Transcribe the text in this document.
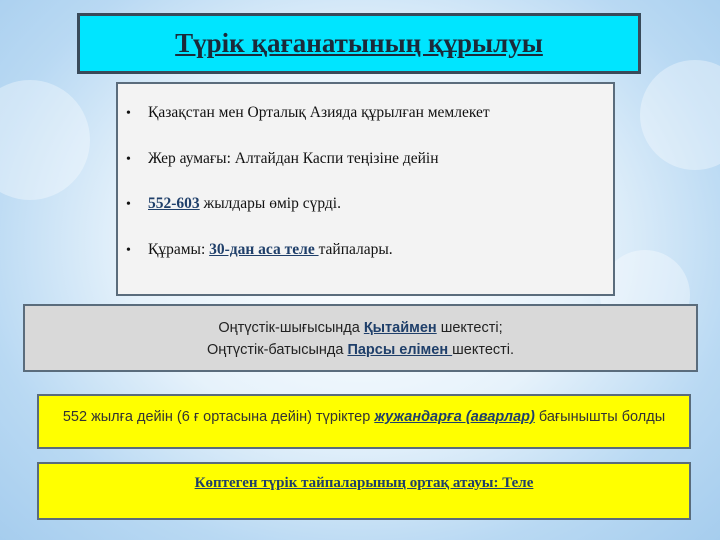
Түрік қағанатының құрылуы
•	Қазақстан мен Орталық Азияда құрылған мемлекет
•	Жер аумағы: Алтайдан Каспи теңізіне дейін
•	552-603 жылдары өмір сүрді.
•	Құрамы: 30-дан аса теле тайпалары.
Оңтүстік-шығысында Қытаймен шектесті;
Оңтүстік-батысында Парсы елімен шектесті.
552 жылға дейін (6 ғ ортасына дейін) түріктер жужандарға (аварлар) бағынышты болды
Көптеген түрік тайпаларының ортақ атауы: Теле
